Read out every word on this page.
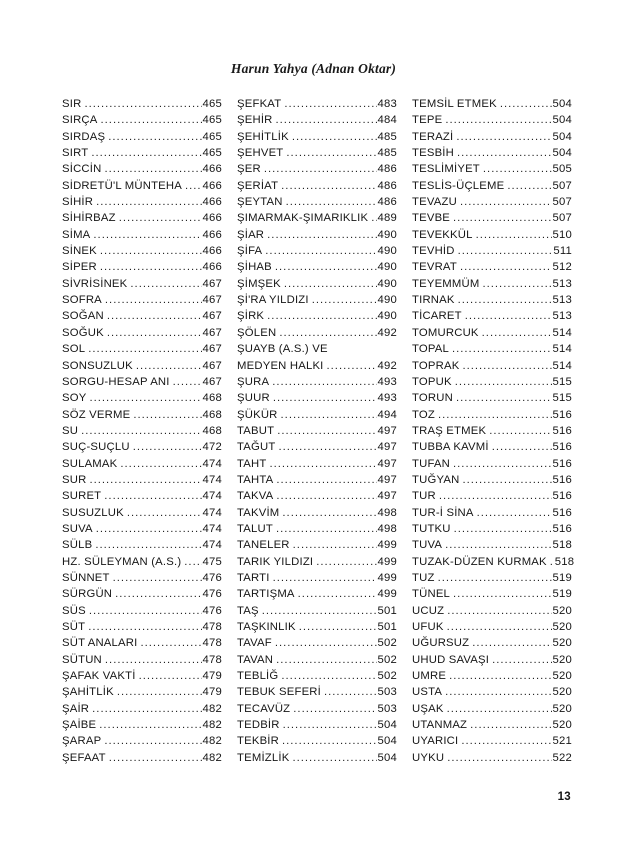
Harun Yahya (Adnan Oktar)
SIR .....	465
SIRÇA .....	465
SIRDAŞ .....	465
SIRT .....	465
SİCCİN .....	466
SİDRETÜ'L MÜNTEHA ..... 466
SİHİR .....	466
SİHİRBAZ .....	466
SİMA .....	466
SİNEK .....	466
SİPER .....	466
SİVRİSİNEK .....	467
SOFRA .....	467
SOĞAN .....	467
SOĞUK .....	467
SOL .....	467
SONSUZLUK .....	467
SORGU-HESAP ANI .....	467
SOY .....	468
SÖZ VERME .....	468
SU .....	468
SUÇ-SUÇLU .....	472
SULAMAK .....	474
SUR .....	474
SURET .....	474
SUSUZLUK .....	474
SUVA .....	474
SÜLB .....	474
HZ. SÜLEYMAN (A.S.) ..... 475
SÜNNET .....	476
SÜRGÜN .....	476
SÜS .....	476
SÜT .....	478
SÜT ANALARI .....	478
SÜTUN .....	478
ŞAFAK VAKTİ .....	479
ŞAHİTLİK .....	479
ŞAİR .....	482
ŞAİBE .....	482
ŞARAP .....	482
ŞEFAAT .....	482
ŞEFKAT .....	483
ŞEHİR .....	484
ŞEHİTLİK .....	485
ŞEHVET .....	485
ŞER .....	486
ŞERİAT .....	486
ŞEYTAN .....	486
ŞIMARMAK-ŞIMARIKLIK ..... 489
ŞİAR .....	490
ŞİFA .....	490
ŞİHAB .....	490
ŞİMŞEK .....	490
Şİ'RA YILDIZI .....	490
ŞİRK .....	490
ŞÖLEN .....	492
ŞUAYB (A.S.) VE
MEDYEN HALKI .....	492
ŞURA .....	493
ŞUUR .....	493
ŞÜKÜR .....	494
TABUT .....	497
TAĞUT .....	497
TAHT .....	497
TAHTA .....	497
TAKVA .....	497
TAKVİM .....	498
TALUT .....	498
TANELER .....	499
TARIK YILDIZI .....	499
TARTI .....	499
TARTIŞMA .....	499
TAŞ .....	501
TAŞKINLIK .....	501
TAVAF .....	502
TAVAN .....	502
TEBLİĞ .....	502
TEBUK SEFERİ .....	503
TECAVÜZ .....	503
TEDBİR .....	504
TEKBİR .....	504
TEMİZLİK .....	504
TEMSİL ETMEK .....	504
TEPE .....	504
TERAZİ .....	504
TESBİH .....	504
TESLİMİYET .....	505
TESLİS-ÜÇLEME .....	507
TEVAZU .....	507
TEVBE .....	507
TEVEKKÜL .....	510
TEVHİD .....	511
TEVRAT .....	512
TEYEMMÜM .....	513
TIRNAK .....	513
TİCARET .....	513
TOMURCUK .....	514
TOPAL .....	514
TOPRAK .....	514
TOPUK .....	515
TORUN .....	515
TOZ .....	516
TRAŞ ETMEK .....	516
TUBBA KAVMİ .....	516
TUFAN .....	516
TUĞYAN .....	516
TUR .....	516
TUR-İ SİNA .....	516
TUTKU .....	516
TUVA .....	518
TUZAK-DÜZEN KURMAK ..... 518
TUZ .....	519
TÜNEL .....	519
UCUZ .....	520
UFUK .....	520
UĞURSUZ .....	520
UHUD SAVAŞI .....	520
UMRE .....	520
USTA .....	520
UŞAK .....	520
UTANMAZ .....	520
UYARICI .....	521
UYKU .....	522
13
